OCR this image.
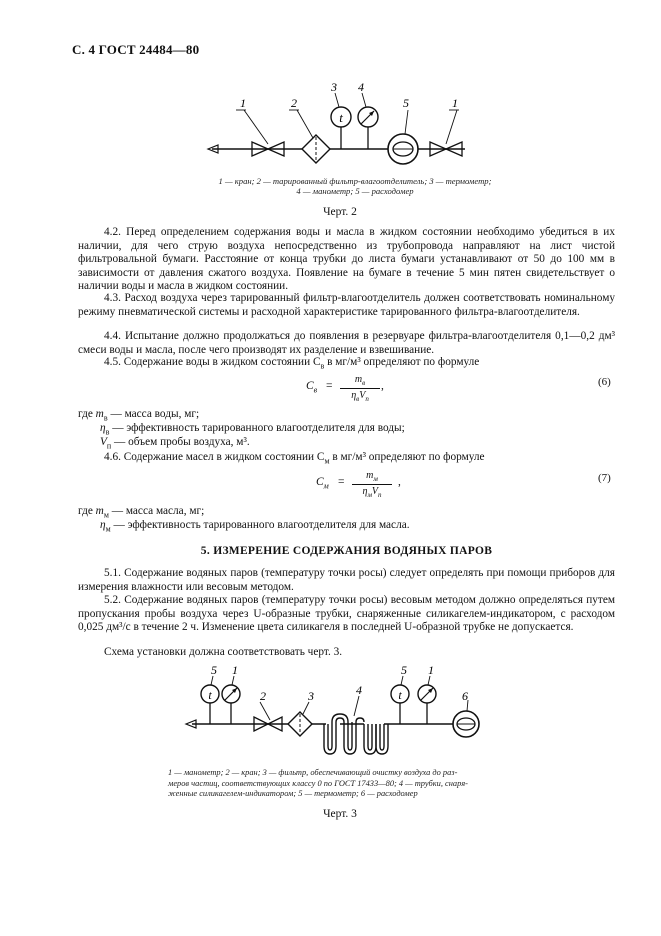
С. 4 ГОСТ 24484—80
t
1	2
3 4
5	1
1 — кран; 2 — тарированный фильтр-влагоотделитель; 3 — термометр;
4 — манометр; 5 — расходомер
Черт. 2
4.2. Перед определением содержания воды и масла в жидком состоянии необходимо убедиться в их наличии, для чего струю воздуха непосредственно из трубопровода направляют на лист чистой фильтровальной бумаги. Расстояние от конца трубки до листа бумаги устанавливают от 50 до 100 мм в зависимости от давления сжатого воздуха. Появление на бумаге в течение 5 мин пятен свидетельствует о наличии воды и масла в жидком состоянии.
4.3. Расход воздуха через тарированный фильтр-влагоотделитель должен соответствовать номинальному режиму пневматической системы и расходной характеристике тарированного фильтра-влагоотделителя.
4.4. Испытание должно продолжаться до появления в резервуаре фильтра-влагоотделителя 0,1—0,2 дм³ смеси воды и масла, после чего производят их разделение и взвешивание.
4.5. Содержание воды в жидком состоянии $C_в$ в мг/м³ определяют по формуле
$C_в$ =
$m_в$
$\eta_вV_п$
,	(6)
где $m_в$ — масса воды, мг;
$\eta_в$ — эффективность тарированного влагоотделителя для воды;
$V_п$ — объем пробы воздуха, м³.
4.6. Содержание масел в жидком состоянии $C_м$ в мг/м³ определяют по формуле
$C_м$ =
$m_м$
$\eta_мV_п$
,	(7)
где $m_м$ — масса масла, мг;
$\eta_м$ — эффективность тарированного влагоотделителя для масла.
5. ИЗМЕРЕНИЕ СОДЕРЖАНИЯ ВОДЯНЫХ ПАРОВ
5.1. Содержание водяных паров (температуру точки росы) следует определять при помощи приборов для измерения влажности или весовым методом.
5.2. Содержание водяных паров (температуру точки росы) весовым методом должно определяться путем пропускания пробы воздуха через U-образные трубки, снаряженные силикагелем-индикатором, с расходом 0,025 дм³/с в течение 2 ч. Изменение цвета силикагеля в последней U-образной трубке не допускается.
Схема установки должна соответствовать черт. 3.
t	t
5 1
2	3	4
5 1
6
1 — манометр; 2 — кран; 3 — фильтр, обеспечивающий очистку воздуха до раз-
меров частиц, соответствующих классу 0 по ГОСТ 17433—80; 4 — трубки, снаря-
женные силикагелем-индикатором; 5 — термометр; 6 — расходомер
Черт. 3
